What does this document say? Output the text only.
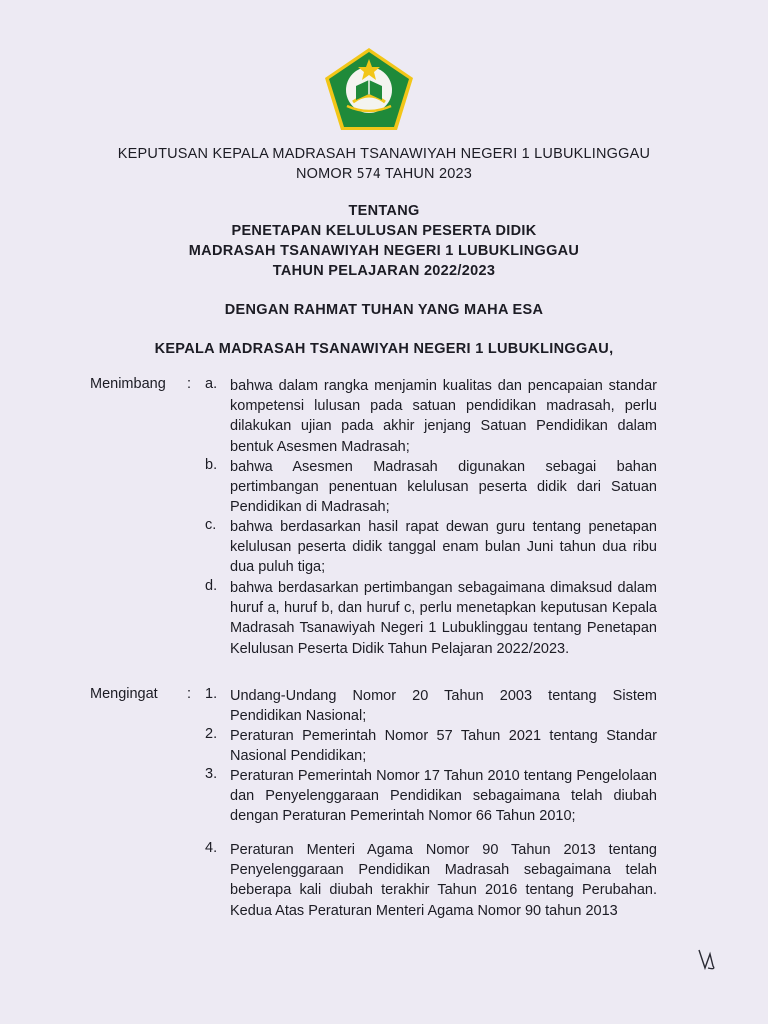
KEPUTUSAN KEPALA MADRASAH TSANAWIYAH NEGERI 1 LUBUKLINGGAU
NOMOR 574 TAHUN 2023
TENTANG
PENETAPAN KELULUSAN PESERTA DIDIK
MADRASAH TSANAWIYAH NEGERI 1 LUBUKLINGGAU
TAHUN PELAJARAN 2022/2023
DENGAN RAHMAT TUHAN YANG MAHA ESA
KEPALA MADRASAH TSANAWIYAH NEGERI 1 LUBUKLINGGAU,
Menimbang : a. bahwa dalam rangka menjamin kualitas dan pencapaian standar kompetensi lulusan pada satuan pendidikan madrasah, perlu dilakukan ujian pada akhir jenjang Satuan Pendidikan dalam bentuk Asesmen Madrasah;
b. bahwa Asesmen Madrasah digunakan sebagai bahan pertimbangan penentuan kelulusan peserta didik dari Satuan Pendidikan di Madrasah;
c. bahwa berdasarkan hasil rapat dewan guru tentang penetapan kelulusan peserta didik tanggal enam bulan Juni tahun dua ribu dua puluh tiga;
d. bahwa berdasarkan pertimbangan sebagaimana dimaksud dalam huruf a, huruf b, dan huruf c, perlu menetapkan keputusan Kepala Madrasah Tsanawiyah Negeri 1 Lubuklinggau tentang Penetapan Kelulusan Peserta Didik Tahun Pelajaran 2022/2023.
Mengingat : 1. Undang-Undang Nomor 20 Tahun 2003 tentang Sistem Pendidikan Nasional;
2. Peraturan Pemerintah Nomor 57 Tahun 2021 tentang Standar Nasional Pendidikan;
3. Peraturan Pemerintah Nomor 17 Tahun 2010 tentang Pengelolaan dan Penyelenggaraan Pendidikan sebagaimana telah diubah dengan Peraturan Pemerintah Nomor 66 Tahun 2010;
4. Peraturan Menteri Agama Nomor 90 Tahun 2013 tentang Penyelenggaraan Pendidikan Madrasah sebagaimana telah beberapa kali diubah terakhir Tahun 2016 tentang Perubahan. Kedua Atas Peraturan Menteri Agama Nomor 90 tahun 2013
